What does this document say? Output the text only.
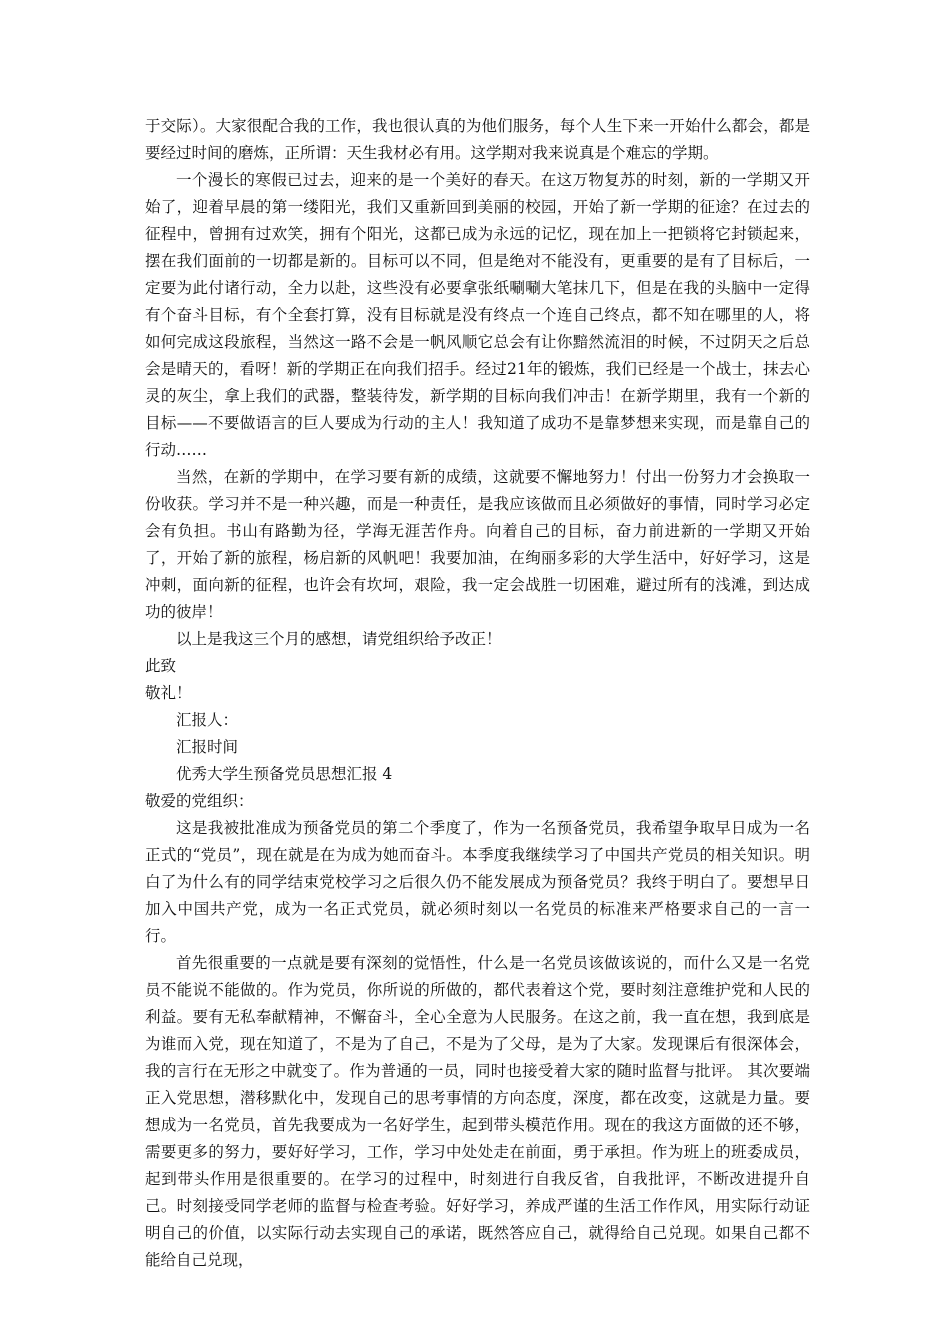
于交际）。大家很配合我的工作，我也很认真的为他们服务，每个人生下来一开始什么都会，都是要经过时间的磨炼，正所谓：天生我材必有用。这学期对我来说真是个难忘的学期。

一个漫长的寒假已过去，迎来的是一个美好的春天。在这万物复苏的时刻，新的一学期又开始了，迎着早晨的第一缕阳光，我们又重新回到美丽的校园，开始了新一学期的征途？在过去的征程中，曾拥有过欢笑，拥有个阳光，这都已成为永远的记忆，现在加上一把锁将它封锁起来，摆在我们面前的一切都是新的。目标可以不同，但是绝对不能没有，更重要的是有了目标后，一定要为此付诸行动，全力以赴，这些没有必要拿张纸唰唰大笔抹几下，但是在我的头脑中一定得有个奋斗目标，有个全套打算，没有目标就是没有终点一个连自己终点，都不知在哪里的人，将如何完成这段旅程，当然这一路不会是一帆风顺它总会有让你黯然流泪的时候，不过阴天之后总会是晴天的，看呀！新的学期正在向我们招手。经过21年的锻炼，我们已经是一个战士，抹去心灵的灰尘，拿上我们的武器，整装待发，新学期的目标向我们冲击！在新学期里，我有一个新的目标——不要做语言的巨人要成为行动的主人！我知道了成功不是靠梦想来实现，而是靠自己的行动……

当然，在新的学期中，在学习要有新的成绩，这就要不懈地努力！付出一份努力才会换取一份收获。学习并不是一种兴趣，而是一种责任，是我应该做而且必须做好的事情，同时学习必定会有负担。书山有路勤为径，学海无涯苦作舟。向着自己的目标，奋力前进新的一学期又开始了，开始了新的旅程，杨启新的风帆吧！我要加油，在绚丽多彩的大学生活中，好好学习，这是冲刺，面向新的征程，也许会有坎坷，艰险，我一定会战胜一切困难，避过所有的浅滩，到达成功的彼岸！

以上是我这三个月的感想，请党组织给予改正！

此致

敬礼！

汇报人：

汇报时间

优秀大学生预备党员思想汇报 4

敬爱的党组织：

这是我被批准成为预备党员的第二个季度了，作为一名预备党员，我希望争取早日成为一名正式的“党员”，现在就是在为成为她而奋斗。本季度我继续学习了中国共产党员的相关知识。明白了为什么有的同学结束党校学习之后很久仍不能发展成为预备党员？我终于明白了。要想早日加入中国共产党，成为一名正式党员，就必须时刻以一名党员的标准来严格要求自己的一言一行。

首先很重要的一点就是要有深刻的觉悟性，什么是一名党员该做该说的，而什么又是一名党员不能说不能做的。作为党员，你所说的所做的，都代表着这个党，要时刻注意维护党和人民的利益。要有无私奉献精神，不懈奋斗，全心全意为人民服务。在这之前，我一直在想，我到底是为谁而入党，现在知道了，不是为了自己，不是为了父母，是为了大家。发现课后有很深体会，我的言行在无形之中就变了。作为普通的一员，同时也接受着大家的随时监督与批评。 其次要端正入党思想，潜移默化中，发现自己的思考事情的方向态度，深度，都在改变，这就是力量。要想成为一名党员，首先我要成为一名好学生，起到带头模范作用。现在的我这方面做的还不够，需要更多的努力，要好好学习，工作，学习中处处走在前面，勇于承担。作为班上的班委成员，起到带头作用是很重要的。在学习的过程中，时刻进行自我反省，自我批评，不断改进提升自己。时刻接受同学老师的监督与检查考验。好好学习，养成严谨的生活工作作风，用实际行动证明自己的价值，以实际行动去实现自己的承诺，既然答应自己，就得给自己兑现。如果自己都不能给自己兑现，
